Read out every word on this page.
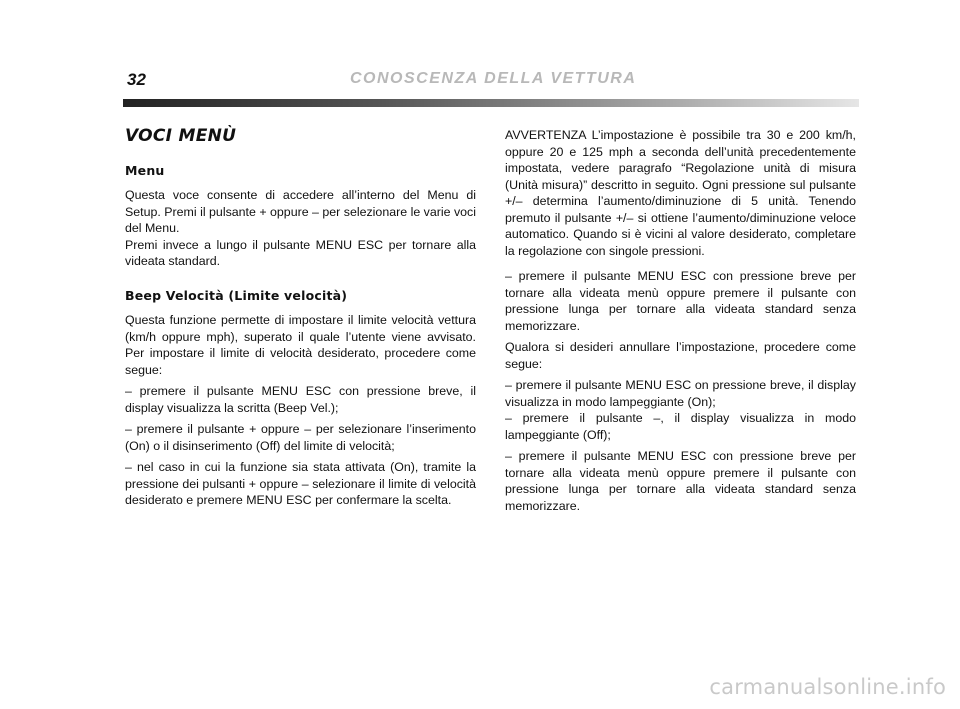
32	CONOSCENZA DELLA VETTURA
VOCI MENÙ
Menu

Questa voce consente di accedere all’interno del Menu di Setup. Premi il pulsante + oppure – per selezionare le varie voci del Menu.

Premi invece a lungo il pulsante MENU ESC per tornare alla videata standard.

Beep Velocità (Limite velocità)

Questa funzione permette di impostare il limite velocità vettura (km/h oppure mph), superato il quale l’utente viene avvisato. Per impostare il limite di velocità desiderato, procedere come segue:

– premere il pulsante MENU ESC con pressione breve, il display visualizza la scritta (Beep Vel.);

– premere il pulsante + oppure – per selezionare l’inserimento (On) o il disinserimento (Off) del limite di velocità;

– nel caso in cui la funzione sia stata attivata (On), tramite la pressione dei pulsanti + oppure – selezionare il limite di velocità desiderato e premere MENU ESC per confermare la scelta.

AVVERTENZA L’impostazione è possibile tra 30 e 200 km/h, oppure 20 e 125 mph a seconda dell’unità precedentemente impostata, vedere paragrafo “Regolazione unità di misura (Unità misura)” descritto in seguito. Ogni pressione sul pulsante +/– determina l’aumento/diminuzione di 5 unità. Tenendo premuto il pulsante +/– si ottiene l’aumento/diminuzione veloce automatico. Quando si è vicini al valore desiderato, completare la regolazione con singole pressioni.

– premere il pulsante MENU ESC con pressione breve per tornare alla videata menù oppure premere il pulsante con pressione lunga per tornare alla videata standard senza memorizzare.

Qualora si desideri annullare l’impostazione, procedere come segue:

– premere il pulsante MENU ESC on pressione breve, il display visualizza in modo lampeggiante (On);

– premere il pulsante –, il display visualizza in modo lampeggiante (Off);

– premere il pulsante MENU ESC con pressione breve per tornare alla videata menù oppure premere il pulsante con pressione lunga per tornare alla videata standard senza memorizzare.

carmanualsonline.info
